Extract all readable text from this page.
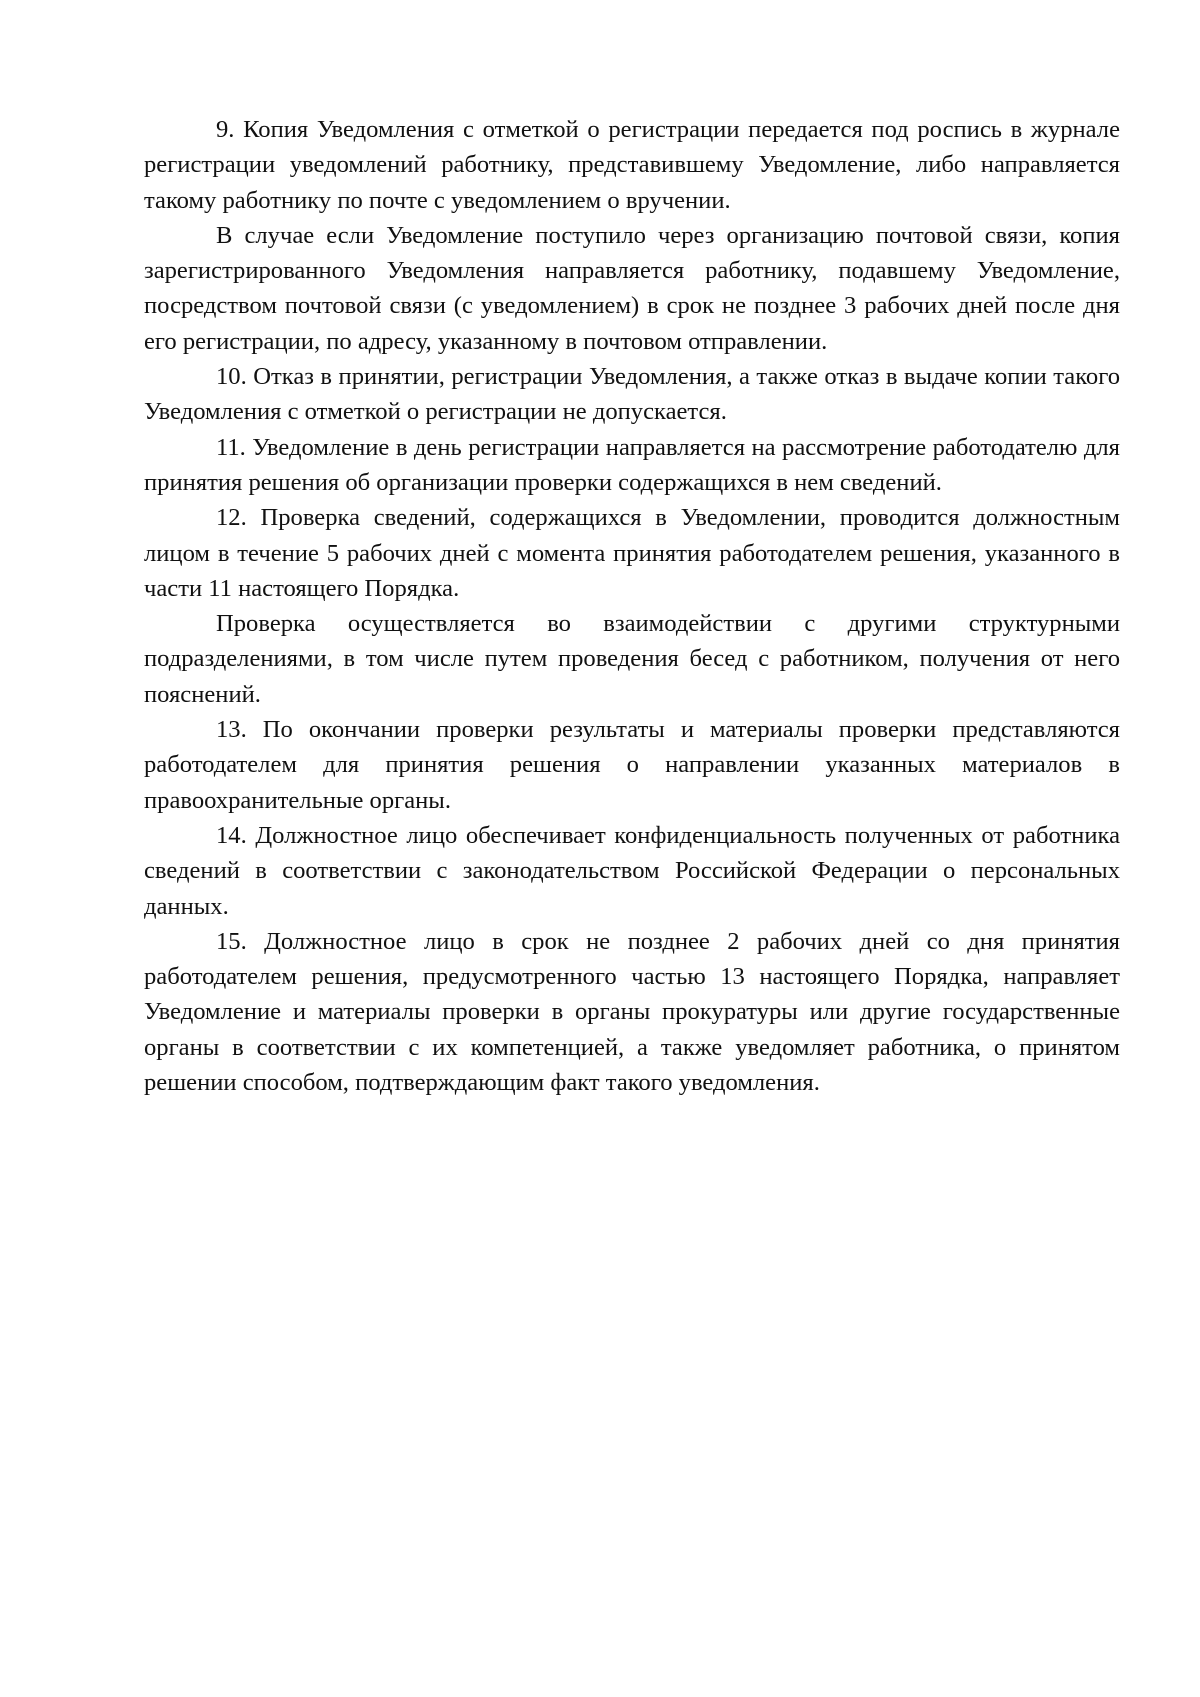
9. Копия Уведомления с отметкой о регистрации передается под роспись в журнале регистрации уведомлений работнику, представившему Уведомление, либо направляется такому работнику по почте с уведомлением о вручении.

В случае если Уведомление поступило через организацию почтовой связи, копия зарегистрированного Уведомления направляется работнику, подавшему Уведомление, посредством почтовой связи (с уведомлением) в срок не позднее 3 рабочих дней после дня его регистрации, по адресу, указанному в почтовом отправлении.

10. Отказ в принятии, регистрации Уведомления, а также отказ в выдаче копии такого Уведомления с отметкой о регистрации не допускается.

11. Уведомление в день регистрации направляется на рассмотрение работодателю для принятия решения об организации проверки содержащихся в нем сведений.

12. Проверка сведений, содержащихся в Уведомлении, проводится должностным лицом в течение 5 рабочих дней с момента принятия работодателем решения, указанного в части 11 настоящего Порядка.

Проверка осуществляется во взаимодействии с другими структурными подразделениями, в том числе путем проведения бесед с работником, получения от него пояснений.

13. По окончании проверки результаты и материалы проверки представляются работодателем для принятия решения о направлении указанных материалов в правоохранительные органы.

14. Должностное лицо обеспечивает конфиденциальность полученных от работника сведений в соответствии с законодательством Российской Федерации о персональных данных.

15. Должностное лицо в срок не позднее 2 рабочих дней со дня принятия работодателем решения, предусмотренного частью 13 настоящего Порядка, направляет Уведомление и материалы проверки в органы прокуратуры или другие государственные органы в соответствии с их компетенцией, а также уведомляет работника, о принятом решении способом, подтверждающим факт такого уведомления.
